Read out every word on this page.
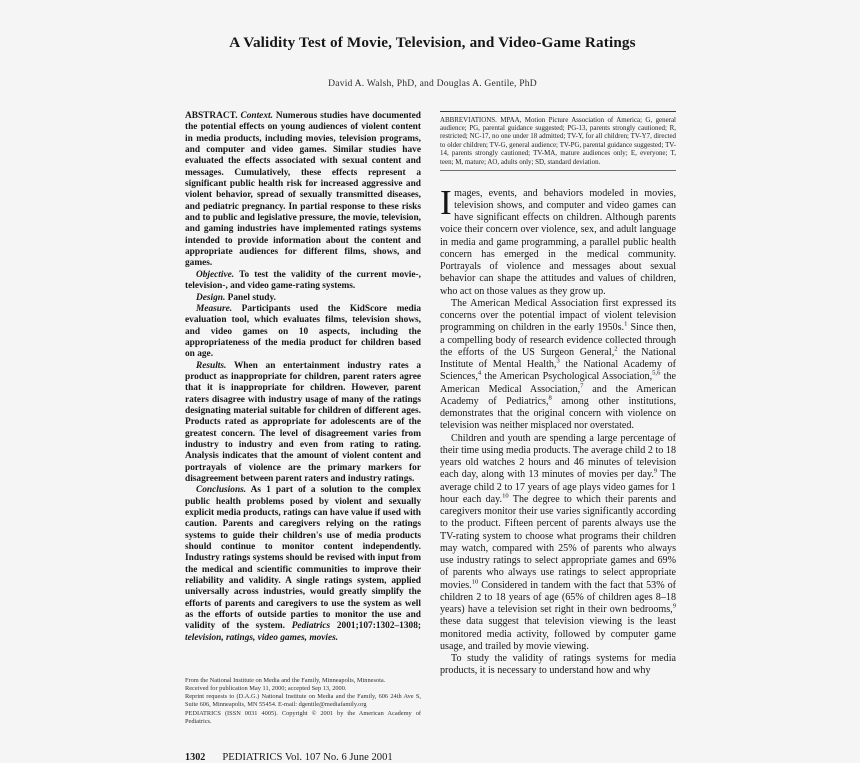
A Validity Test of Movie, Television, and Video-Game Ratings
David A. Walsh, PhD, and Douglas A. Gentile, PhD

ABSTRACT. Context. Numerous studies have documented the potential effects on young audiences of violent content in media products, including movies, television programs, and computer and video games. Similar studies have evaluated the effects associated with sexual content and messages. Cumulatively, these effects represent a significant public health risk for increased aggressive and violent behavior, spread of sexually transmitted diseases, and pediatric pregnancy. In partial response to these risks and to public and legislative pressure, the movie, television, and gaming industries have implemented ratings systems intended to provide information about the content and appropriate audiences for different films, shows, and games.

Objective. To test the validity of the current movie-, television-, and video game-rating systems.

Design. Panel study.

Measure. Participants used the KidScore media evaluation tool, which evaluates films, television shows, and video games on 10 aspects, including the appropriateness of the media product for children based on age.

Results. When an entertainment industry rates a product as inappropriate for children, parent raters agree that it is inappropriate for children. However, parent raters disagree with industry usage of many of the ratings designating material suitable for children of different ages. Products rated as appropriate for adolescents are of the greatest concern. The level of disagreement varies from industry to industry and even from rating to rating. Analysis indicates that the amount of violent content and portrayals of violence are the primary markers for disagreement between parent raters and industry ratings.

Conclusions. As 1 part of a solution to the complex public health problems posed by violent and sexually explicit media products, ratings can have value if used with caution. Parents and caregivers relying on the ratings systems to guide their children's use of media products should continue to monitor content independently. Industry ratings systems should be revised with input from the medical and scientific communities to improve their reliability and validity. A single ratings system, applied universally across industries, would greatly simplify the efforts of parents and caregivers to use the system as well as the efforts of outside parties to monitor the use and validity of the system. Pediatrics 2001;107:1302–1308; television, ratings, video games, movies.

From the National Institute on Media and the Family, Minneapolis, Minnesota.

Received for publication May 11, 2000; accepted Sep 13, 2000.

Reprint requests to (D.A.G.) National Institute on Media and the Family, 606 24th Ave S, Suite 606, Minneapolis, MN 55454. E-mail: dgentile@mediafamily.org

PEDIATRICS (ISSN 0031 4005). Copyright © 2001 by the American Academy of Pediatrics.

1302 PEDIATRICS Vol. 107 No. 6 June 2001

ABBREVIATIONS. MPAA, Motion Picture Association of America; G, general audience; PG, parental guidance suggested; PG-13, parents strongly cautioned; R, restricted; NC-17, no one under 18 admitted; TV-Y, for all children; TV-Y7, directed to older children; TV-G, general audience; TV-PG, parental guidance suggested; TV-14, parents strongly cautioned; TV-MA, mature audiences only; E, everyone; T, teen; M, mature; AO, adults only; SD, standard deviation.

Images, events, and behaviors modeled in movies, television shows, and computer and video games can have significant effects on children. Although parents voice their concern over violence, sex, and adult language in media and game programming, a parallel public health concern has emerged in the medical community. Portrayals of violence and messages about sexual behavior can shape the attitudes and values of children, who act on those values as they grow up.

The American Medical Association first expressed its concerns over the potential impact of violent television programming on children in the early 1950s.$^1$ Since then, a compelling body of research evidence collected through the efforts of the US Surgeon General,$^2$ the National Institute of Mental Health,$^3$ the National Academy of Sciences,$^4$ the American Psychological Association,$^{5,6}$ the American Medical Association,$^7$ and the American Academy of Pediatrics,$^8$ among other institutions, demonstrates that the original concern with violence on television was neither misplaced nor overstated.

Children and youth are spending a large percentage of their time using media products. The average child 2 to 18 years old watches 2 hours and 46 minutes of television each day, along with 13 minutes of movies per day.$^9$ The average child 2 to 17 years of age plays video games for 1 hour each day.$^{10}$ The degree to which their parents and caregivers monitor their use varies significantly according to the product. Fifteen percent of parents always use the TV-rating system to choose what programs their children may watch, compared with 25% of parents who always use industry ratings to select appropriate games and 69% of parents who always use ratings to select appropriate movies.$^{10}$ Considered in tandem with the fact that 53% of children 2 to 18 years of age (65% of children ages 8–18 years) have a television set right in their own bedrooms,$^9$ these data suggest that television viewing is the least monitored media activity, followed by computer game usage, and trailed by movie viewing.

To study the validity of ratings systems for media products, it is necessary to understand how and why
